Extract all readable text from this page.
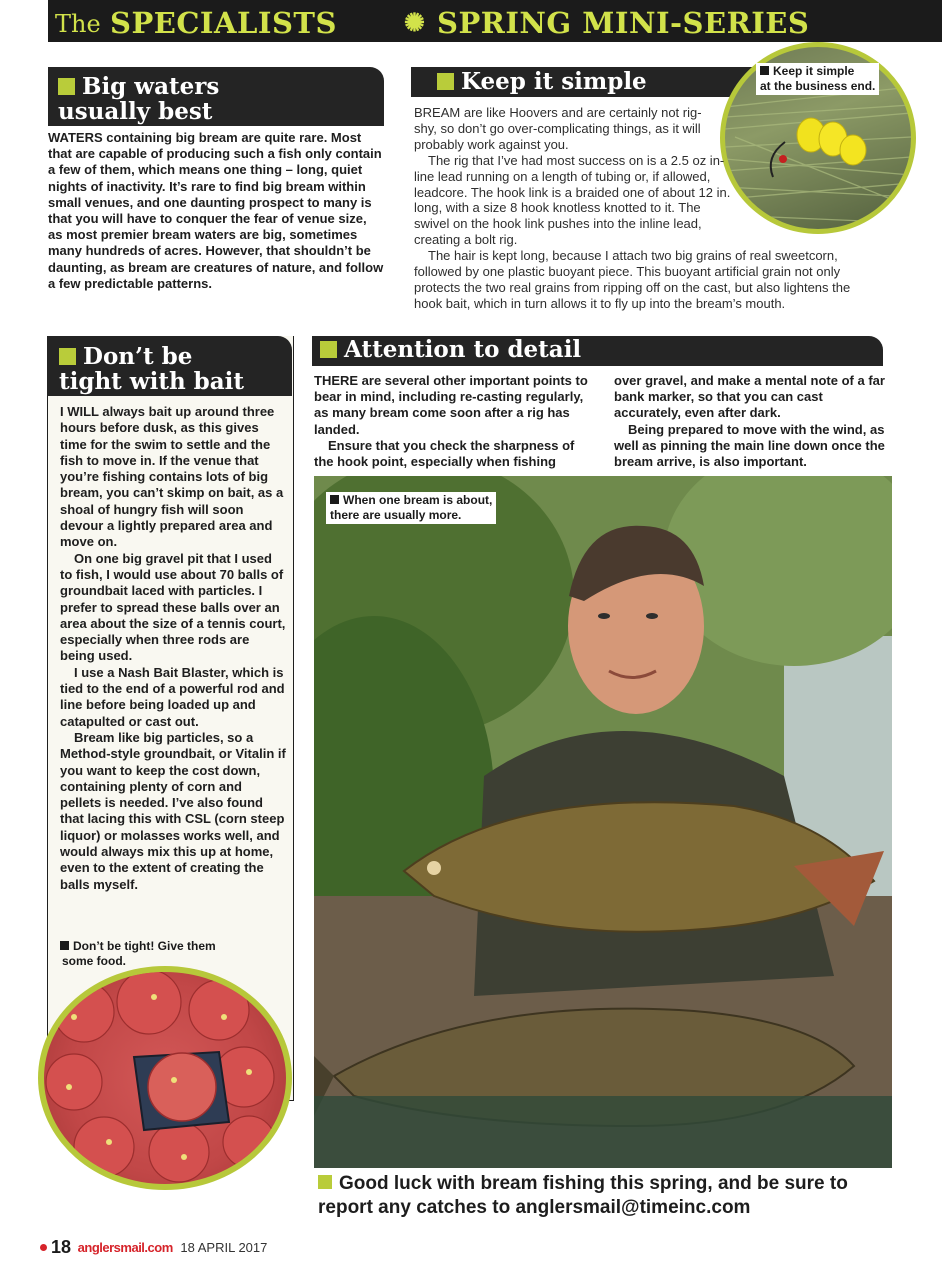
The SPECIALISTS	✺ SPRING MINI-SERIES
Big waters
usually best
WATERS containing big bream are quite rare. Most that are capable of producing such a fish only contain a few of them, which means one thing – long, quiet nights of inactivity. It’s rare to find big bream within small venues, and one daunting prospect to many is that you will have to conquer the fear of venue size, as most premier bream waters are big, sometimes many hundreds of acres. However, that shouldn’t be daunting, as bream are creatures of nature, and follow a few predictable patterns.
Keep it simple	Keep it simple
at the business end.

BREAM are like Hoovers and are certainly not rig-shy, so don’t go over-complicating things, as it will probably work against you.

The rig that I’ve had most success on is a 2.5 oz in-line lead running on a length of tubing or, if allowed, leadcore. The hook link is a braided one of about 12 in. long, with a size 8 hook knotless knotted to it. The swivel on the hook link pushes into the inline lead, creating a bolt rig.

The hair is kept long, because I attach two big grains of real sweetcorn, followed by one plastic buoyant piece. This buoyant artificial grain not only protects the two real grains from ripping off on the cast, but also lightens the hook bait, which in turn allows it to fly up into the bream’s mouth.

Don’t be
tight with bait

I WILL always bait up around three hours before dusk, as this gives time for the swim to settle and the fish to move in. If the venue that you’re fishing contains lots of big bream, you can’t skimp on bait, as a shoal of hungry fish will soon devour a lightly prepared area and move on.

On one big gravel pit that I used to fish, I would use about 70 balls of groundbait laced with particles. I prefer to spread these balls over an area about the size of a tennis court, especially when three rods are being used.

I use a Nash Bait Blaster, which is tied to the end of a powerful rod and line before being loaded up and catapulted or cast out.

Bream like big particles, so a Method-style groundbait, or Vitalin if you want to keep the cost down, containing plenty of corn and pellets is needed. I’ve also found that lacing this with CSL (corn steep liquor) or molasses works well, and would always mix this up at home, even to the extent of creating the balls myself.

Don’t be tight! Give them
some food.
Attention to detail

THERE are several other important points to bear in mind, including re-casting regularly, as many bream come soon after a rig has landed.

Ensure that you check the sharpness of the hook point, especially when fishing

over gravel, and make a mental note of a far bank marker, so that you can cast accurately, even after dark.

Being prepared to move with the wind, as well as pinning the main line down once the bream arrive, is also important.

When one bream is about,
there are usually more.
Good luck with bream fishing this spring, and be sure to report any catches to anglersmail@timeinc.com
18 anglersmail.com 18 APRIL 2017
